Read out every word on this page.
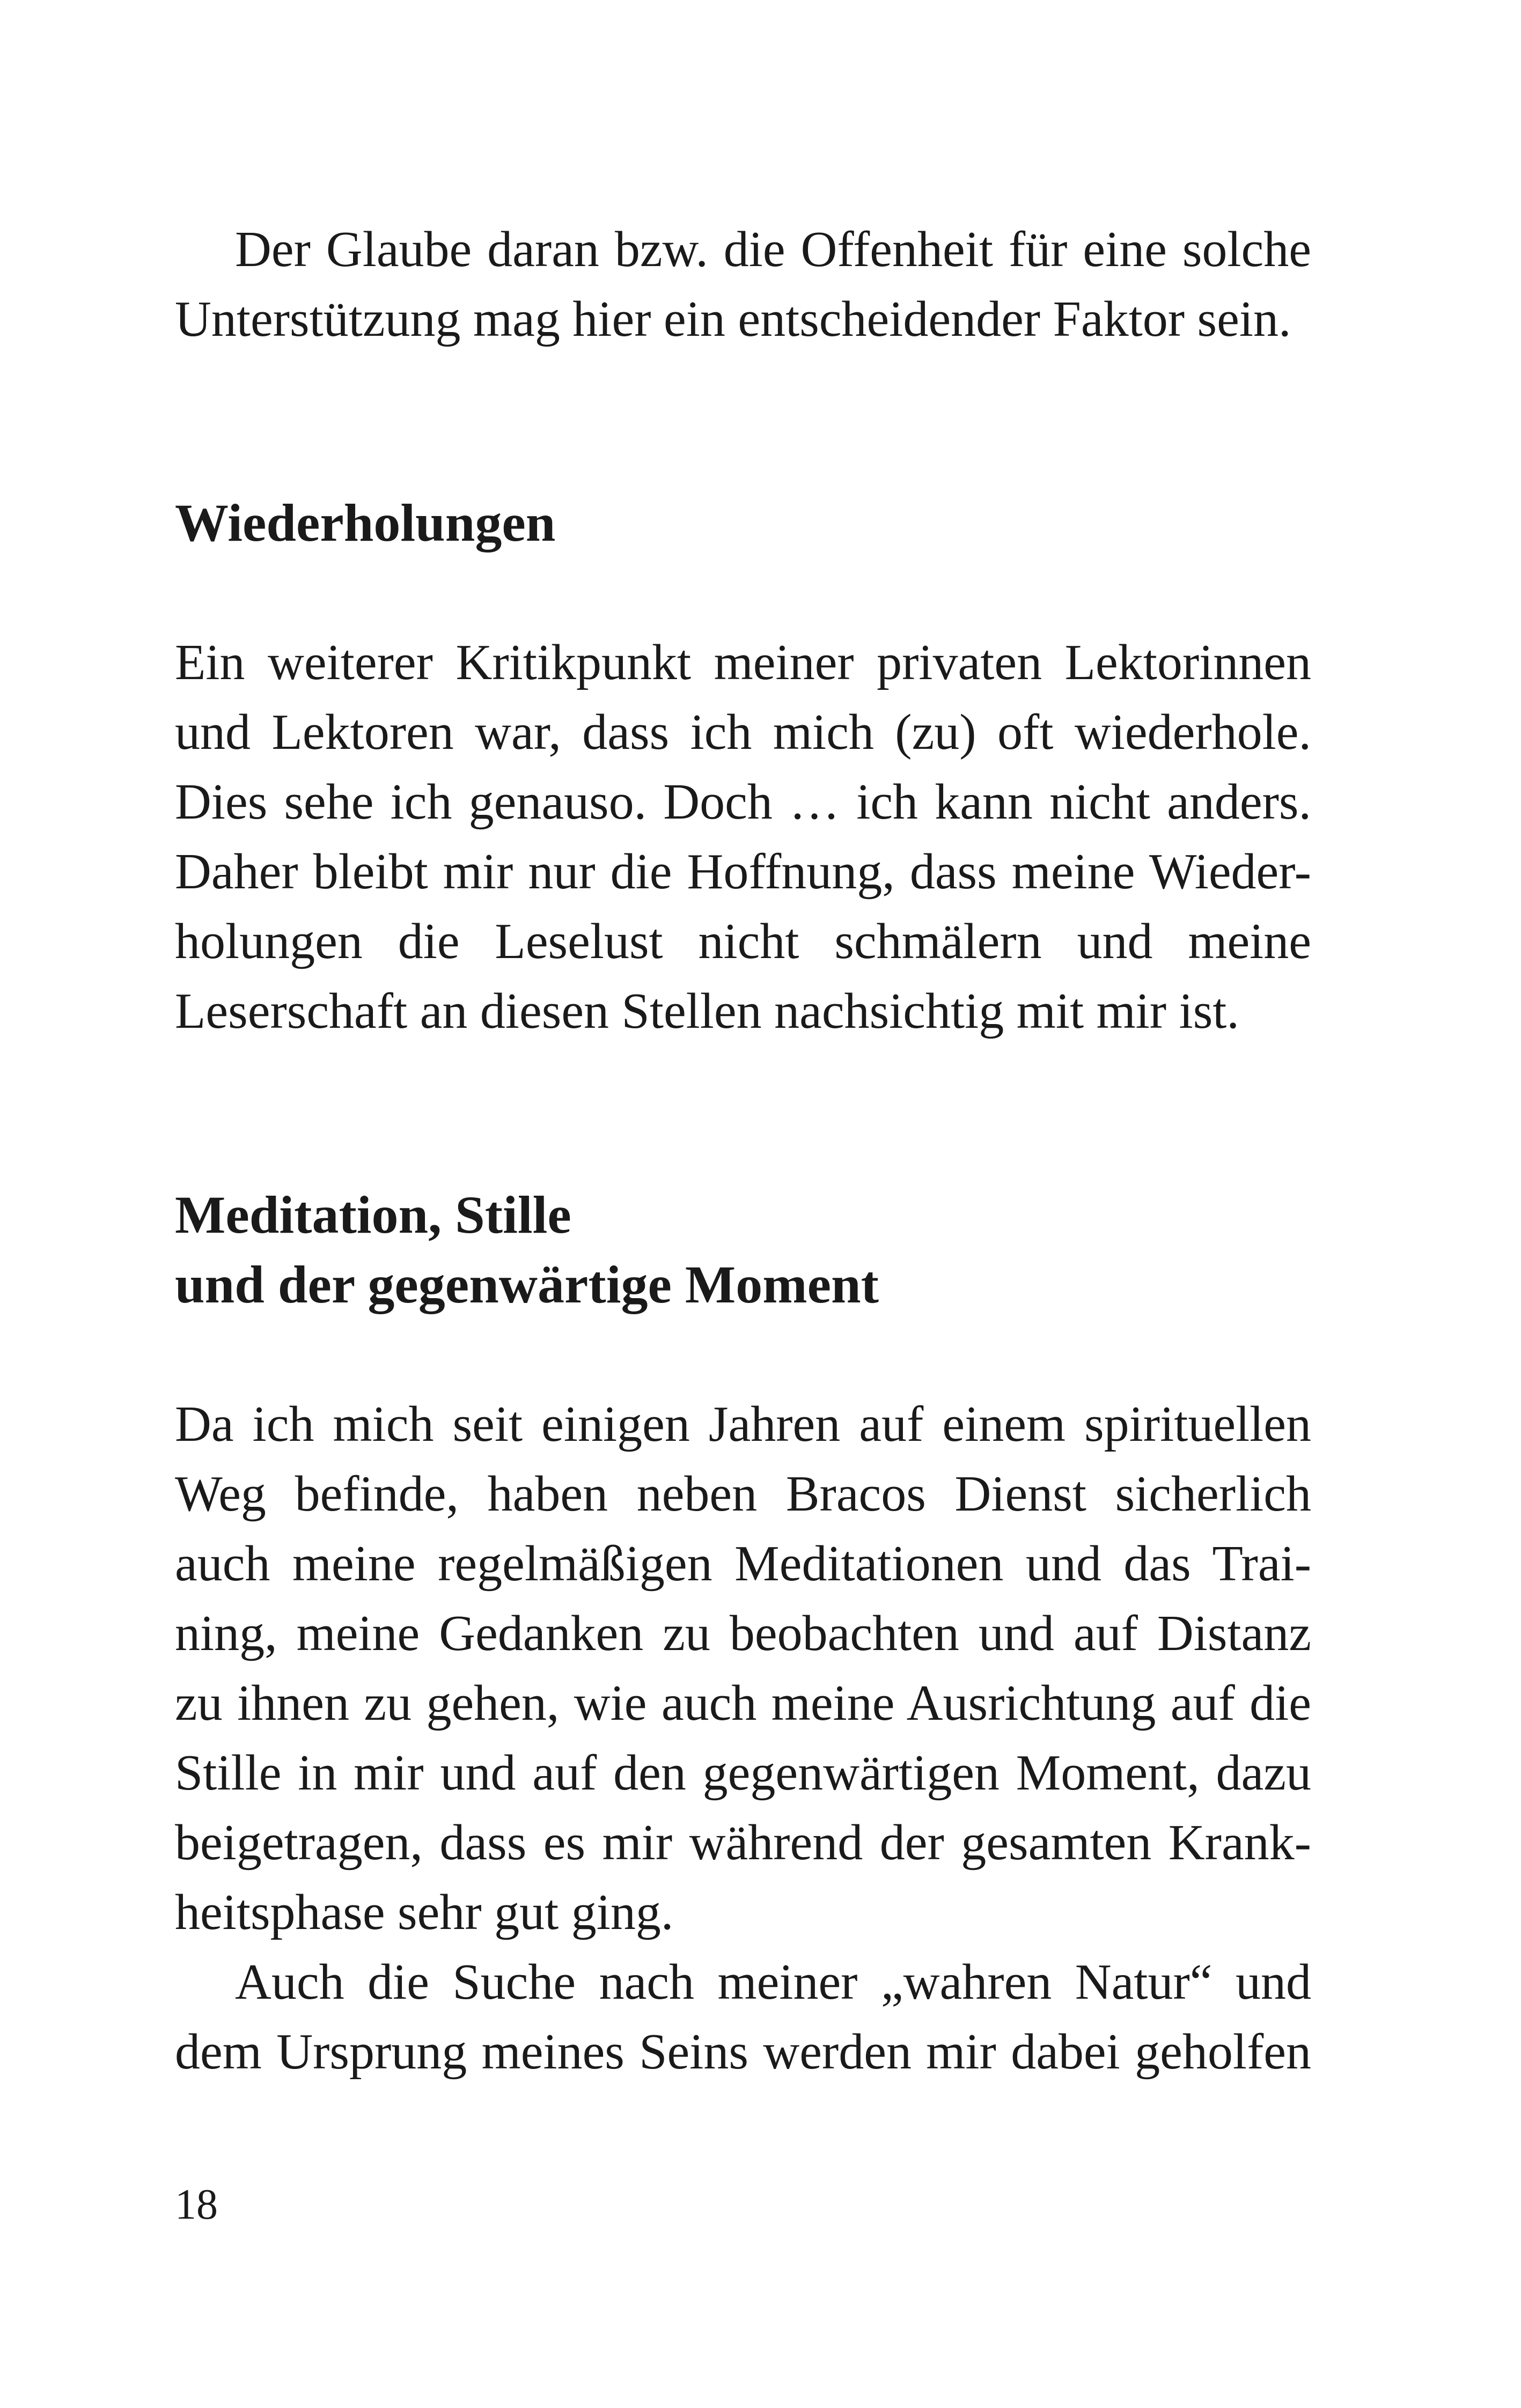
Der Glaube daran bzw. die Offenheit für eine solche
Unterstützung mag hier ein entscheidender Faktor sein.
Wiederholungen
Ein weiterer Kritikpunkt meiner privaten Lektorinnen
und Lektoren war, dass ich mich (zu) oft wiederhole.
Dies sehe ich genauso. Doch … ich kann nicht anders.
Daher bleibt mir nur die Hoffnung, dass meine Wieder-
holungen die Leselust nicht schmälern und meine
Leserschaft an diesen Stellen nachsichtig mit mir ist.
Meditation, Stille
und der gegenwärtige Moment
Da ich mich seit einigen Jahren auf einem spirituellen
Weg befinde, haben neben Bracos Dienst sicherlich
auch meine regelmäßigen Meditationen und das Trai-
ning, meine Gedanken zu beobachten und auf Distanz
zu ihnen zu gehen, wie auch meine Ausrichtung auf die
Stille in mir und auf den gegenwärtigen Moment, dazu
beigetragen, dass es mir während der gesamten Krank-
heitsphase sehr gut ging.
Auch die Suche nach meiner „wahren Natur“ und
dem Ursprung meines Seins werden mir dabei geholfen
18
